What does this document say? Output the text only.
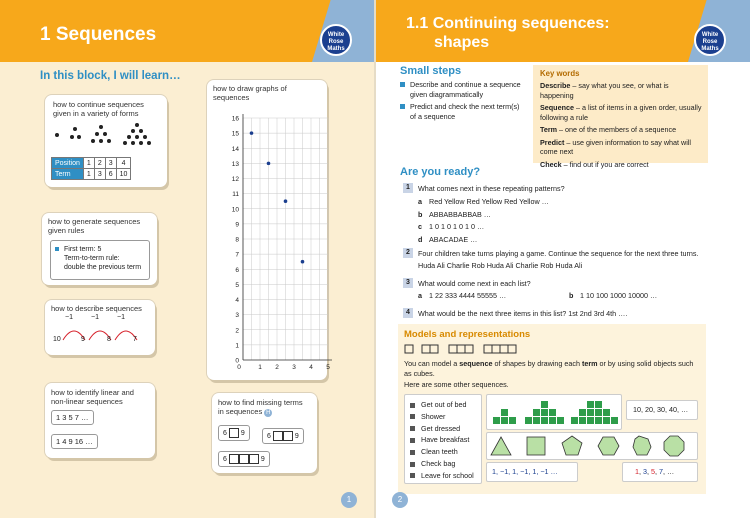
1 Sequences	White
Rose
Maths
In this block, I will learn…
how to continue sequences given in a variety of forms
Position	1	2	3	4
Term	1	3	6	10
how to generate sequences given rules
First term: 5
Term-to-term rule:
double the previous term
how to describe sequences
−1	−1	−1
10	9	8	7
how to identify linear and non-linear sequences
1 3 5 7 …
1 4 9 16 …
how to draw graphs of sequences
0
1
2
3
4
5
6
7
8
9
10
11
12
13
14
15
16
0	1 2 3 4 5
how to find missing terms in sequences H
6 9	6	9
6	9
1
1.1 Continuing sequences:
shapes	White
Rose
Maths
Small steps
Describe and continue a sequence given diagrammatically
Predict and check the next term(s) of a sequence
Key words
Describe – say what you see, or what is happening
Sequence – a list of items in a given order, usually following a rule
Term – one of the members of a sequence
Predict – use given information to say what will come next
Check – find out if you are correct
Are you ready?
1	What comes next in these repeating patterns?
a Red Yellow Red Yellow Red Yellow …
b ABBABBABBAB …
c 1 0 1 0 1 0 1 0 …
d ABACADAE …
2	Four children take turns playing a game. Continue the sequence for the next three turns.
Huda Ali Charlie Rob Huda Ali Charlie Rob Huda Ali
3	What would come next in each list?
a 1 22 333 4444 55555 …	b 1 10 100 1000 10000 …
4	What would be the next three items in this list? 1st 2nd 3rd 4th ….
Models and representations
You can model a sequence of shapes by drawing each term or by using solid objects such as cubes.
Here are some other sequences.
Get out of bed
Shower
Get dressed
Have breakfast
Clean teeth
Check bag
Leave for school
10, 20, 30, 40, …
1, −1, 1, −1, 1, −1 …	1, 3, 5, 7, …
2
